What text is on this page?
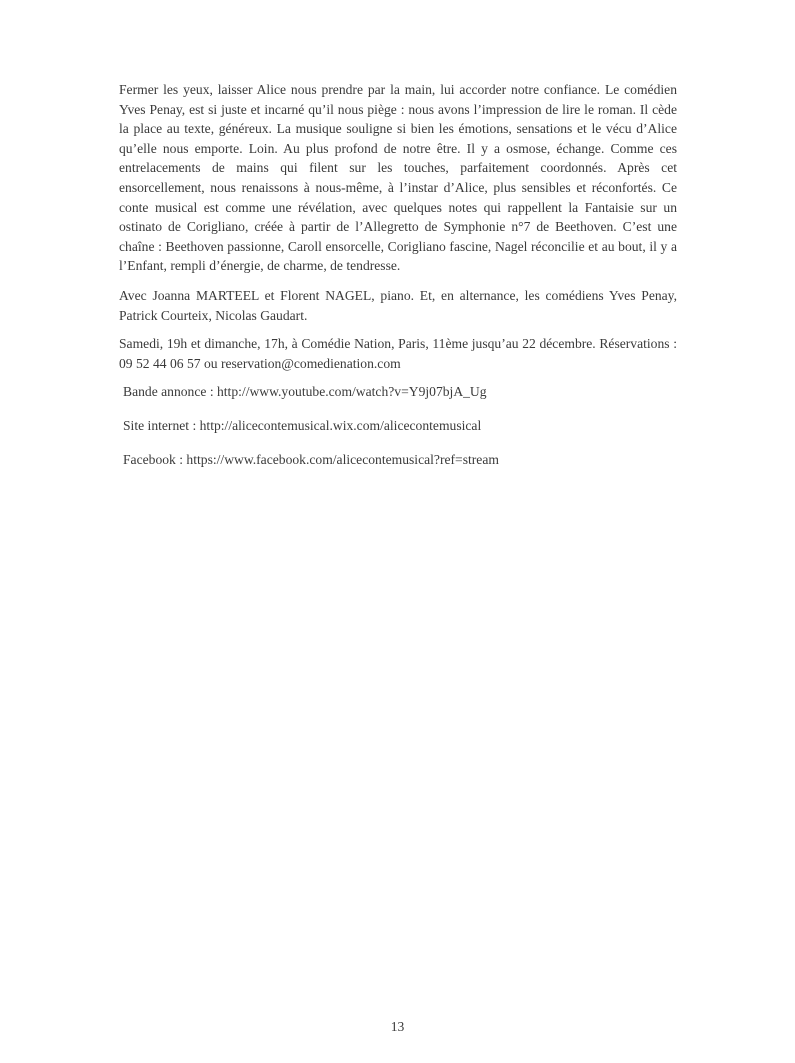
Fermer les yeux, laisser Alice nous prendre par la main, lui accorder notre confiance. Le comédien Yves Penay, est si juste et incarné qu’il nous piège : nous avons l’impression de lire le roman. Il cède la place au texte, généreux. La musique souligne si bien les émotions, sensations et le vécu d’Alice qu’elle nous emporte. Loin. Au plus profond de notre être. Il y a osmose, échange. Comme ces entrelacements de mains qui filent sur les touches, parfaitement coordonnés. Après cet ensorcellement, nous renaissons à nous-même, à l’instar d’Alice, plus sensibles et réconfortés. Ce conte musical est comme une révélation, avec quelques notes qui rappellent la Fantaisie sur un ostinato de Corigliano, créée à partir de l’Allegretto de Symphonie n°7 de Beethoven. C’est une chaîne : Beethoven passionne, Caroll ensorcelle, Corigliano fascine, Nagel réconcilie et au bout, il y a l’Enfant, rempli d’énergie, de charme, de tendresse.

Avec Joanna MARTEEL et Florent NAGEL, piano. Et, en alternance, les comédiens Yves Penay, Patrick Courteix, Nicolas Gaudart.

Samedi, 19h et dimanche, 17h, à Comédie Nation, Paris, 11ème jusqu’au 22 décembre. Réservations : 09 52 44 06 57 ou reservation@comedienation.com

Bande annonce : http://www.youtube.com/watch?v=Y9j07bjA_Ug
Site internet : http://alicecontemusical.wix.com/alicecontemusical
Facebook : https://www.facebook.com/alicecontemusical?ref=stream
13
